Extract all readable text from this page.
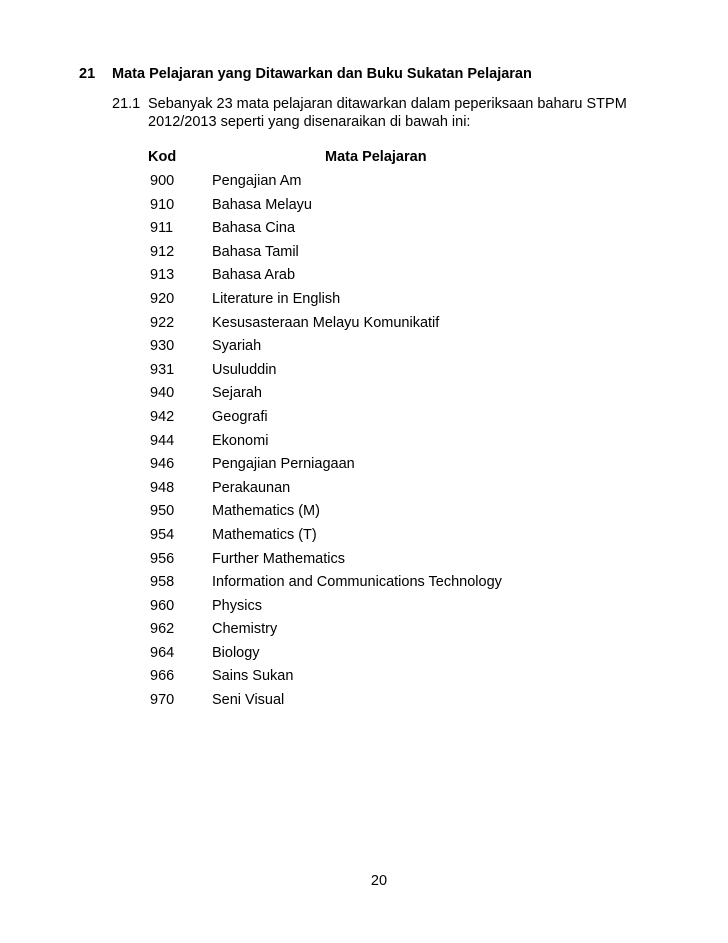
21 Mata Pelajaran yang Ditawarkan dan Buku Sukatan Pelajaran
21.1 Sebanyak 23 mata pelajaran ditawarkan dalam peperiksaan baharu STPM
2012/2013 seperti yang disenaraikan di bawah ini:
Kod	Mata Pelajaran
900	Pengajian Am
910	Bahasa Melayu
911	Bahasa Cina
912	Bahasa Tamil
913	Bahasa Arab
920	Literature in English
922	Kesusasteraan Melayu Komunikatif
930	Syariah
931	Usuluddin
940	Sejarah
942	Geografi
944	Ekonomi
946	Pengajian Perniagaan
948	Perakaunan
950	Mathematics (M)
954	Mathematics (T)
956	Further Mathematics
958	Information and Communications Technology
960	Physics
962	Chemistry
964	Biology
966	Sains Sukan
970	Seni Visual
20
